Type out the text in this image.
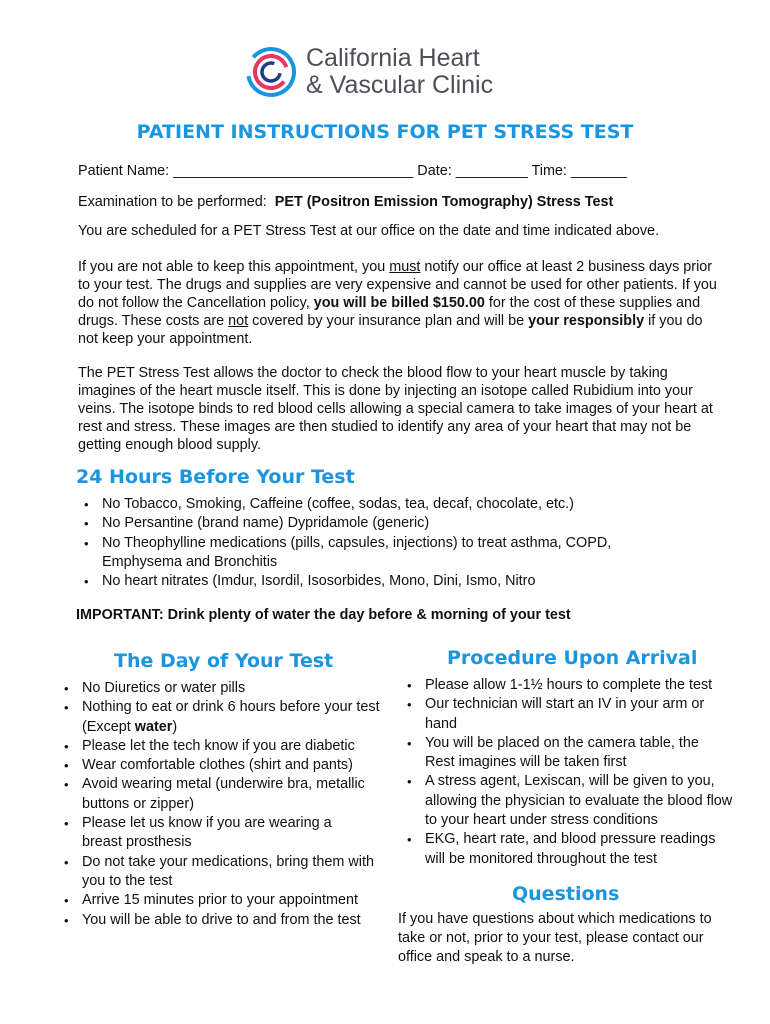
California Heart
& Vascular Clinic
PATIENT INSTRUCTIONS FOR PET STRESS TEST
Patient Name: ______________________________ Date: _________ Time: _______
Examination to be performed: PET (Positron Emission Tomography) Stress Test
You are scheduled for a PET Stress Test at our office on the date and time indicated above.
If you are not able to keep this appointment, you must notify our office at least 2 business days prior to your test. The drugs and supplies are very expensive and cannot be used for other patients. If you do not follow the Cancellation policy, you will be billed $150.00 for the cost of these supplies and drugs. These costs are not covered by your insurance plan and will be your responsibly if you do not keep your appointment.
The PET Stress Test allows the doctor to check the blood flow to your heart muscle by taking imagines of the heart muscle itself. This is done by injecting an isotope called Rubidium into your veins. The isotope binds to red blood cells allowing a special camera to take images of your heart at rest and stress. These images are then studied to identify any area of your heart that may not be getting enough blood supply.
24 Hours Before Your Test
• No Tobacco, Smoking, Caffeine (coffee, sodas, tea, decaf, chocolate, etc.)
• No Persantine (brand name) Dypridamole (generic)
• No Theophylline medications (pills, capsules, injections) to treat asthma, COPD, Emphysema and Bronchitis
• No heart nitrates (Imdur, Isordil, Isosorbides, Mono, Dini, Ismo, Nitro
IMPORTANT: Drink plenty of water the day before & morning of your test
The Day of Your Test
• No Diuretics or water pills
• Nothing to eat or drink 6 hours before your test (Except water)
• Please let the tech know if you are diabetic
• Wear comfortable clothes (shirt and pants)
• Avoid wearing metal (underwire bra, metallic buttons or zipper)
• Please let us know if you are wearing a breast prosthesis
• Do not take your medications, bring them with you to the test
• Arrive 15 minutes prior to your appointment
• You will be able to drive to and from the test
Procedure Upon Arrival
• Please allow 1-1½ hours to complete the test
• Our technician will start an IV in your arm or hand
• You will be placed on the camera table, the Rest imagines will be taken first
• A stress agent, Lexiscan, will be given to you, allowing the physician to evaluate the blood flow to your heart under stress conditions
• EKG, heart rate, and blood pressure readings will be monitored throughout the test
Questions
If you have questions about which medications to take or not, prior to your test, please contact our office and speak to a nurse.
